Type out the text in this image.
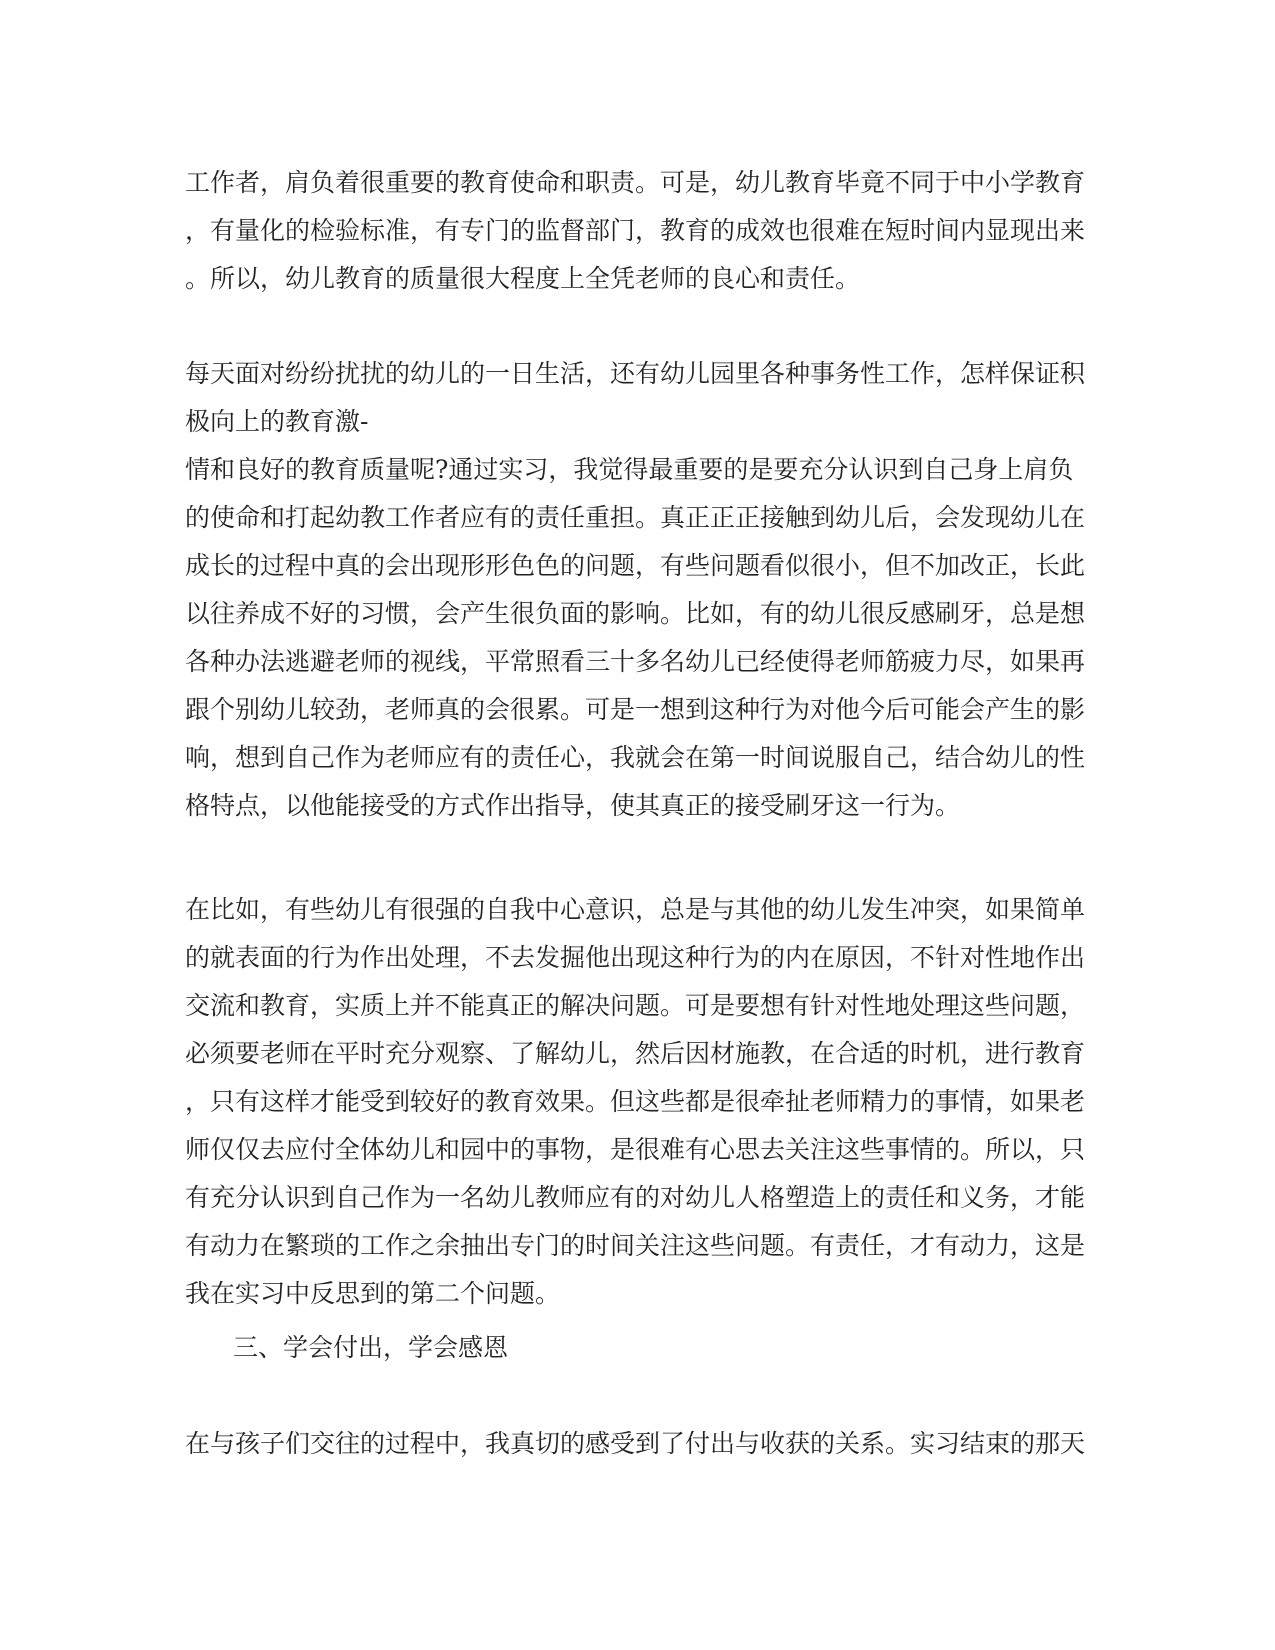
工作者，肩负着很重要的教育使命和职责。可是，幼儿教育毕竟不同于中小学教育
，有量化的检验标准，有专门的监督部门，教育的成效也很难在短时间内显现出来
。所以，幼儿教育的质量很大程度上全凭老师的良心和责任。
每天面对纷纷扰扰的幼儿的一日生活，还有幼儿园里各种事务性工作，怎样保证积
极向上的教育激-
情和良好的教育质量呢?通过实习，我觉得最重要的是要充分认识到自己身上肩负
的使命和打起幼教工作者应有的责任重担。真正正正接触到幼儿后，会发现幼儿在
成长的过程中真的会出现形形色色的问题，有些问题看似很小，但不加改正，长此
以往养成不好的习惯，会产生很负面的影响。比如，有的幼儿很反感刷牙，总是想
各种办法逃避老师的视线，平常照看三十多名幼儿已经使得老师筋疲力尽，如果再
跟个别幼儿较劲，老师真的会很累。可是一想到这种行为对他今后可能会产生的影
响，想到自己作为老师应有的责任心，我就会在第一时间说服自己，结合幼儿的性
格特点，以他能接受的方式作出指导，使其真正的接受刷牙这一行为。
在比如，有些幼儿有很强的自我中心意识，总是与其他的幼儿发生冲突，如果简单
的就表面的行为作出处理，不去发掘他出现这种行为的内在原因，不针对性地作出
交流和教育，实质上并不能真正的解决问题。可是要想有针对性地处理这些问题，
必须要老师在平时充分观察、了解幼儿，然后因材施教，在合适的时机，进行教育
，只有这样才能受到较好的教育效果。但这些都是很牵扯老师精力的事情，如果老
师仅仅去应付全体幼儿和园中的事物，是很难有心思去关注这些事情的。所以，只
有充分认识到自己作为一名幼儿教师应有的对幼儿人格塑造上的责任和义务，才能
有动力在繁琐的工作之余抽出专门的时间关注这些问题。有责任，才有动力，这是
我在实习中反思到的第二个问题。
三、学会付出，学会感恩
在与孩子们交往的过程中，我真切的感受到了付出与收获的关系。实习结束的那天
